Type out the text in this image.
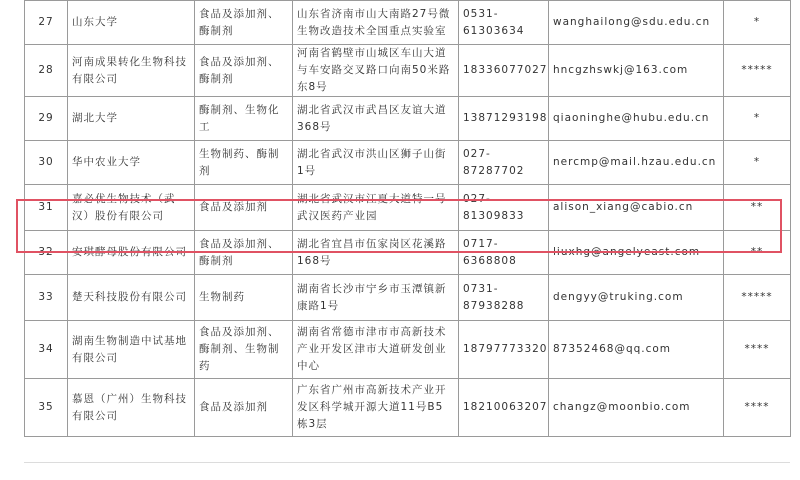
27	山东大学	食品及添加剂、酶制剂	山东省济南市山大南路27号微生物改造技术全国重点实验室	0531-61303634	wanghailong@sdu.edu.cn	*
28	河南成果转化生物科技有限公司	食品及添加剂、酶制剂	河南省鹤壁市山城区车山大道与车安路交叉路口向南50米路东8号	18336077027	hncgzhswkj@163.com	*****
29	湖北大学	酶制剂、生物化工	湖北省武汉市武昌区友谊大道368号	13871293198	qiaoninghe@hubu.edu.cn	*
30	华中农业大学	生物制药、酶制剂	湖北省武汉市洪山区狮子山街1号	027-87287702	nercmp@mail.hzau.edu.cn	*
31	嘉必优生物技术（武汉）股份有限公司	食品及添加剂	湖北省武汉市江夏大道特一号武汉医药产业园	027-81309833	alison_xiang@cabio.cn	**
32	安琪酵母股份有限公司	食品及添加剂、酶制剂	湖北省宜昌市伍家岗区花溪路168号	0717-6368808	liuxhg@angelyeast.com	**
33	楚天科技股份有限公司	生物制药	湖南省长沙市宁乡市玉潭镇新康路1号	0731-87938288	dengyy@truking.com	*****
34	湖南生物制造中试基地有限公司	食品及添加剂、酶制剂、生物制药	湖南省常德市津市市高新技术产业开发区津市大道研发创业中心	18797773320	87352468@qq.com	****
35	慕恩（广州）生物科技有限公司	食品及添加剂	广东省广州市高新技术产业开发区科学城开源大道11号B5栋3层	18210063207	changz@moonbio.com	****
